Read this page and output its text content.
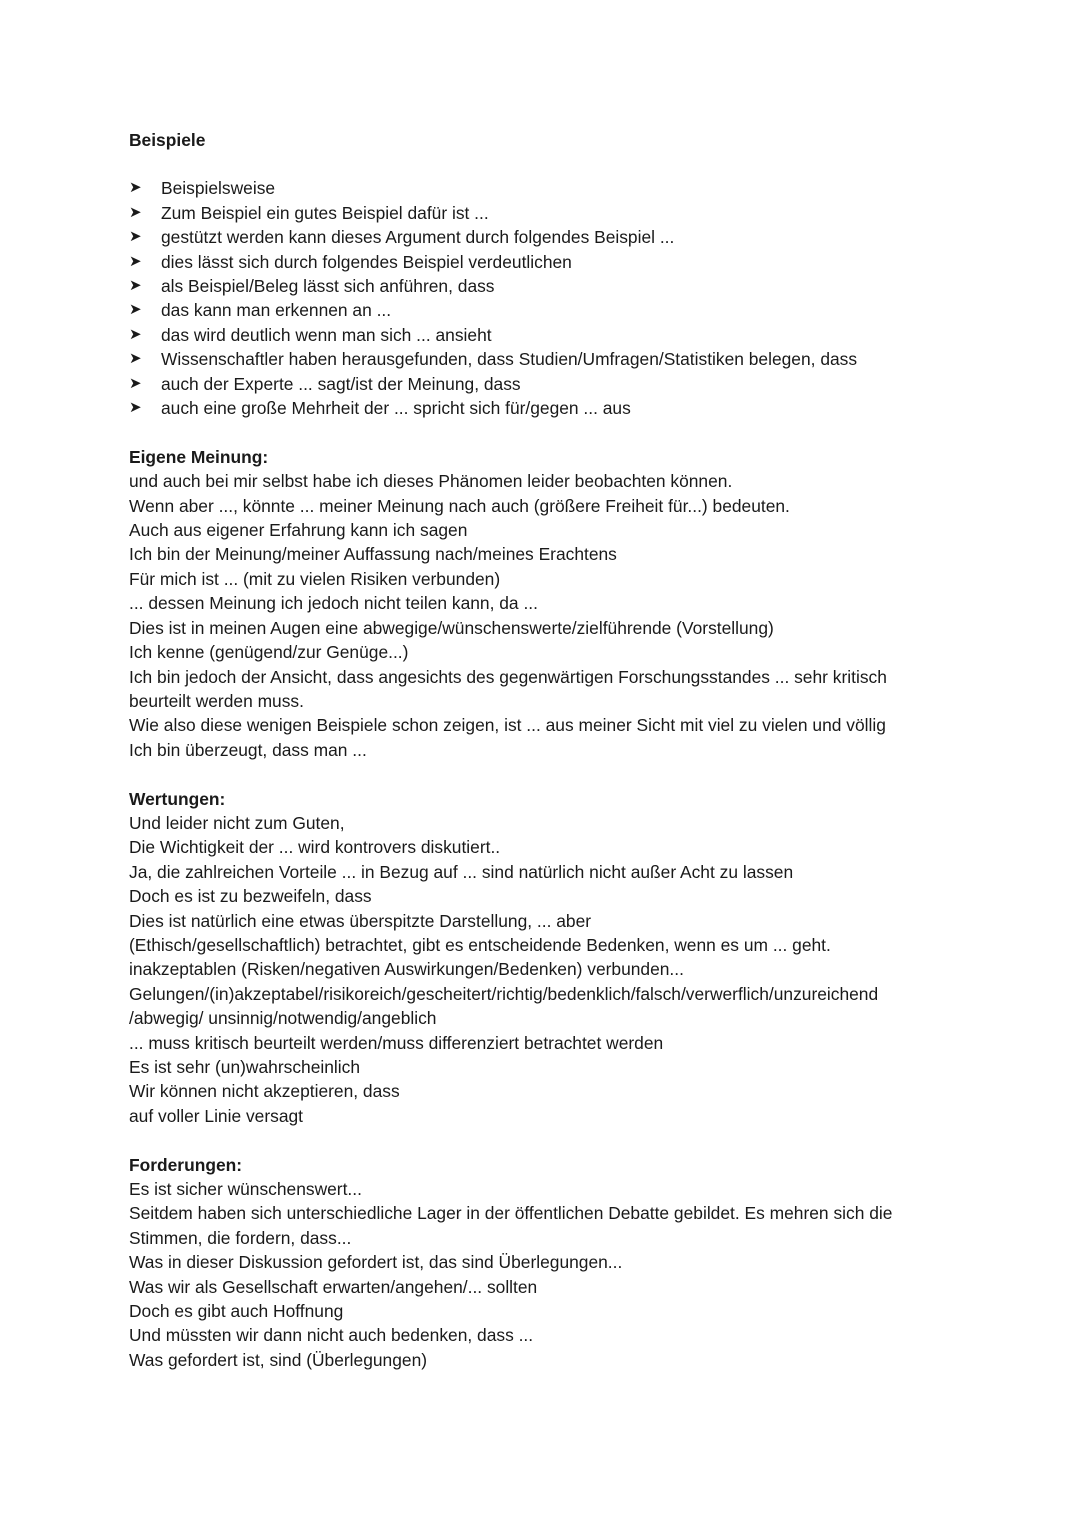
Beispiele

➤ Beispielsweise
➤ Zum Beispiel ein gutes Beispiel dafür ist ...
➤ gestützt werden kann dieses Argument durch folgendes Beispiel ...
➤ dies lässt sich durch folgendes Beispiel verdeutlichen
➤ als Beispiel/Beleg lässt sich anführen, dass
➤ das kann man erkennen an ...
➤ das wird deutlich wenn man sich ... ansieht
➤ Wissenschaftler haben herausgefunden, dass Studien/Umfragen/Statistiken belegen, dass
➤ auch der Experte ... sagt/ist der Meinung, dass
➤ auch eine große Mehrheit der ... spricht sich für/gegen ... aus

Eigene Meinung:

und auch bei mir selbst habe ich dieses Phänomen leider beobachten können.

Wenn aber ..., könnte ... meiner Meinung nach auch (größere Freiheit für...) bedeuten.

Auch aus eigener Erfahrung kann ich sagen

Ich bin der Meinung/meiner Auffassung nach/meines Erachtens

Für mich ist ... (mit zu vielen Risiken verbunden)

... dessen Meinung ich jedoch nicht teilen kann, da ...

Dies ist in meinen Augen eine abwegige/wünschenswerte/zielführende (Vorstellung)

Ich kenne (genügend/zur Genüge...)

Ich bin jedoch der Ansicht, dass angesichts des gegenwärtigen Forschungsstandes ... sehr kritisch

beurteilt werden muss.

Wie also diese wenigen Beispiele schon zeigen, ist ... aus meiner Sicht mit viel zu vielen und völlig

Ich bin überzeugt, dass man ...

Wertungen:

Und leider nicht zum Guten,

Die Wichtigkeit der ... wird kontrovers diskutiert..

Ja, die zahlreichen Vorteile ... in Bezug auf ... sind natürlich nicht außer Acht zu lassen

Doch es ist zu bezweifeln, dass

Dies ist natürlich eine etwas überspitzte Darstellung, ... aber

(Ethisch/gesellschaftlich) betrachtet, gibt es entscheidende Bedenken, wenn es um ... geht.

inakzeptablen (Risken/negativen Auswirkungen/Bedenken) verbunden...

Gelungen/(in)akzeptabel/risikoreich/gescheitert/richtig/bedenklich/falsch/verwerflich/unzureichend

/abwegig/ unsinnig/notwendig/angeblich

... muss kritisch beurteilt werden/muss differenziert betrachtet werden

Es ist sehr (un)wahrscheinlich

Wir können nicht akzeptieren, dass

auf voller Linie versagt

Forderungen:

Es ist sicher wünschenswert...

Seitdem haben sich unterschiedliche Lager in der öffentlichen Debatte gebildet. Es mehren sich die

Stimmen, die fordern, dass...

Was in dieser Diskussion gefordert ist, das sind Überlegungen...

Was wir als Gesellschaft erwarten/angehen/... sollten

Doch es gibt auch Hoffnung

Und müssten wir dann nicht auch bedenken, dass ...

Was gefordert ist, sind (Überlegungen)
